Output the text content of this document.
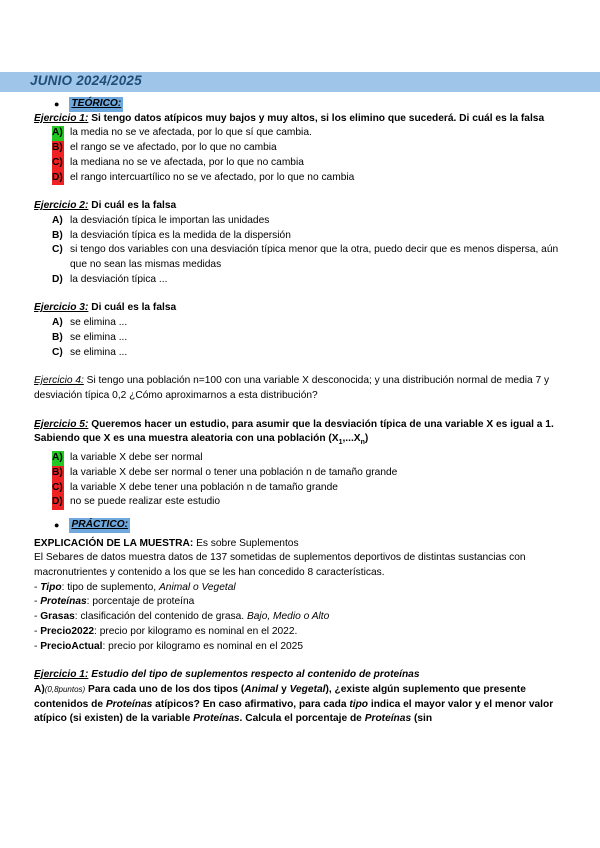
JUNIO 2024/2025
● TEÓRICO:
Ejercicio 1: Si tengo datos atípicos muy bajos y muy altos, si los elimino que sucederá. Di cuál es la falsa
A) la media no se ve afectada, por lo que sí que cambia.
B) el rango se ve afectado, por lo que no cambia
C) la mediana no se ve afectada, por lo que no cambia
D) el rango intercuartílico no se ve afectado, por lo que no cambia
Ejercicio 2: Di cuál es la falsa
A) la desviación típica le importan las unidades
B) la desviación típica es la medida de la dispersión
C) si tengo dos variables con una desviación típica menor que la otra, puedo decir que es menos dispersa, aún que no sean las mismas medidas
D) la desviación típica ...
Ejercicio 3: Di cuál es la falsa
A) se elimina ...
B) se elimina ...
C) se elimina ...
Ejercicio 4: Si tengo una población n=100 con una variable X desconocida; y una distribución normal de media 7 y desviación típica 0,2 ¿Cómo aproximarnos a esta distribución?
Ejercicio 5: Queremos hacer un estudio, para asumir que la desviación típica de una variable X es igual a 1. Sabiendo que X es una muestra aleatoria con una población $(X_1,...X_n)$
A) la variable X debe ser normal
B) la variable X debe ser normal o tener una población n de tamaño grande
C) la variable X debe tener una población n de tamaño grande
D) no se puede realizar este estudio
● PRÁCTICO:
EXPLICACIÓN DE LA MUESTRA: Es sobre Suplementos
El Sebares de datos muestra datos de 137 sometidas de suplementos deportivos de distintas sustancias con macronutrientes y contenido a los que se les han concedido 8 características.
- Tipo: tipo de suplemento, Animal o Vegetal
- Proteínas: porcentaje de proteína
- Grasas: clasificación del contenido de grasa. Bajo, Medio o Alto
- Precio2022: precio por kilogramo es nominal en el 2022.
- PrecioActual: precio por kilogramo es nominal en el 2025
Ejercicio 1: Estudio del tipo de suplementos respecto al contenido de proteínas
A)(0,8puntos) Para cada uno de los dos tipos (Animal y Vegetal), ¿existe algún suplemento que presente contenidos de Proteínas atípicos? En caso afirmativo, para cada tipo indica el mayor valor y el menor valor atípico (si existen) de la variable Proteínas. Calcula el porcentaje de Proteínas (sin
